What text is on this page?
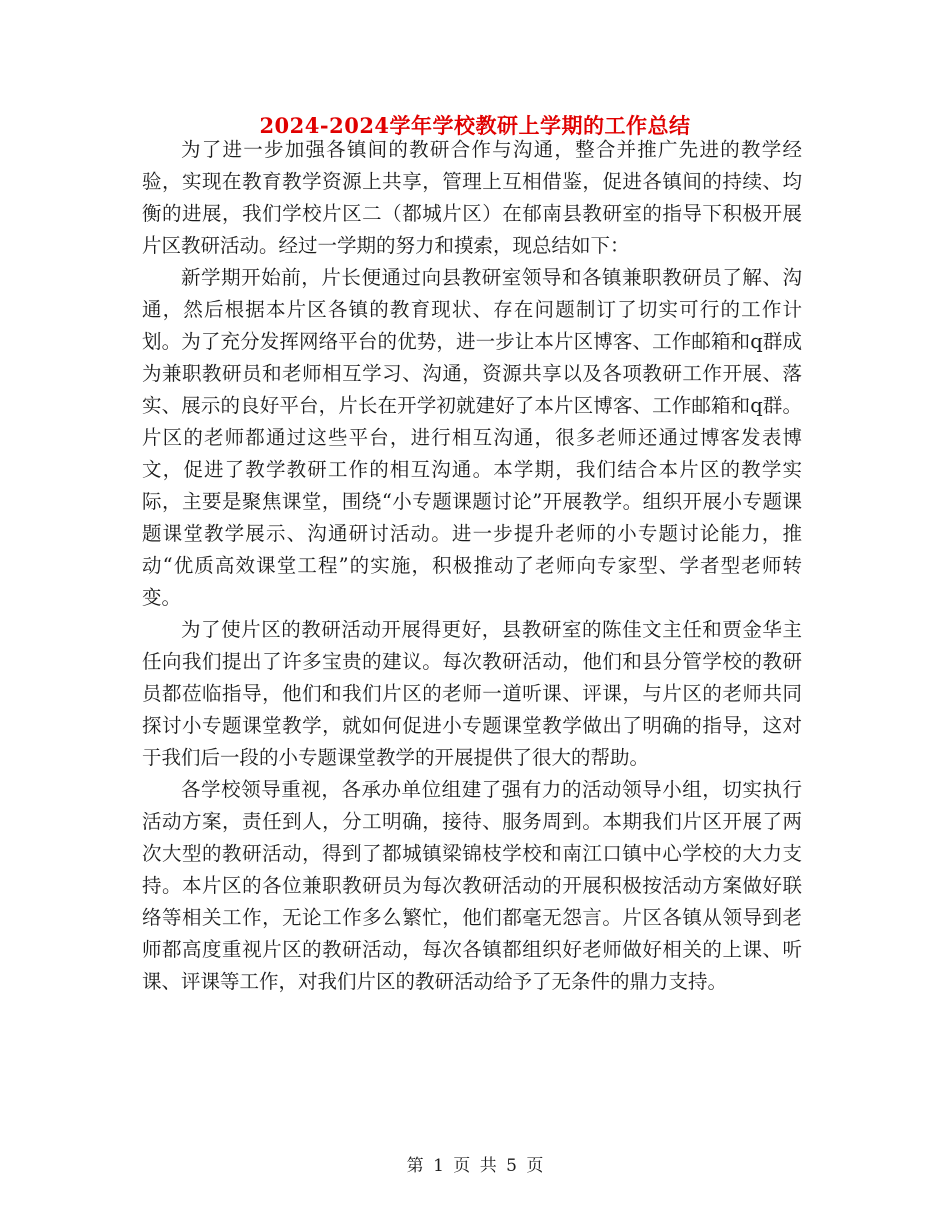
2024-2024学年学校教研上学期的工作总结

为了进一步加强各镇间的教研合作与沟通，整合并推广先进的教学经验，实现在教育教学资源上共享，管理上互相借鉴，促进各镇间的持续、均衡的进展，我们学校片区二（都城片区）在郁南县教研室的指导下积极开展片区教研活动。经过一学期的努力和摸索，现总结如下：

新学期开始前，片长便通过向县教研室领导和各镇兼职教研员了解、沟通，然后根据本片区各镇的教育现状、存在问题制订了切实可行的工作计划。为了充分发挥网络平台的优势，进一步让本片区博客、工作邮箱和q群成为兼职教研员和老师相互学习、沟通，资源共享以及各项教研工作开展、落实、展示的良好平台，片长在开学初就建好了本片区博客、工作邮箱和q群。片区的老师都通过这些平台，进行相互沟通，很多老师还通过博客发表博文，促进了教学教研工作的相互沟通。本学期，我们结合本片区的教学实际，主要是聚焦课堂，围绕“小专题课题讨论”开展教学。组织开展小专题课题课堂教学展示、沟通研讨活动。进一步提升老师的小专题讨论能力，推动“优质高效课堂工程”的实施，积极推动了老师向专家型、学者型老师转变。

为了使片区的教研活动开展得更好，县教研室的陈佳文主任和贾金华主任向我们提出了许多宝贵的建议。每次教研活动，他们和县分管学校的教研员都莅临指导，他们和我们片区的老师一道听课、评课，与片区的老师共同探讨小专题课堂教学，就如何促进小专题课堂教学做出了明确的指导，这对于我们后一段的小专题课堂教学的开展提供了很大的帮助。

各学校领导重视，各承办单位组建了强有力的活动领导小组，切实执行活动方案，责任到人，分工明确，接待、服务周到。本期我们片区开展了两次大型的教研活动，得到了都城镇梁锦枝学校和南江口镇中心学校的大力支持。本片区的各位兼职教研员为每次教研活动的开展积极按活动方案做好联络等相关工作，无论工作多么繁忙，他们都毫无怨言。片区各镇从领导到老师都高度重视片区的教研活动，每次各镇都组织好老师做好相关的上课、听课、评课等工作，对我们片区的教研活动给予了无条件的鼎力支持。

第 1 页 共 5 页
